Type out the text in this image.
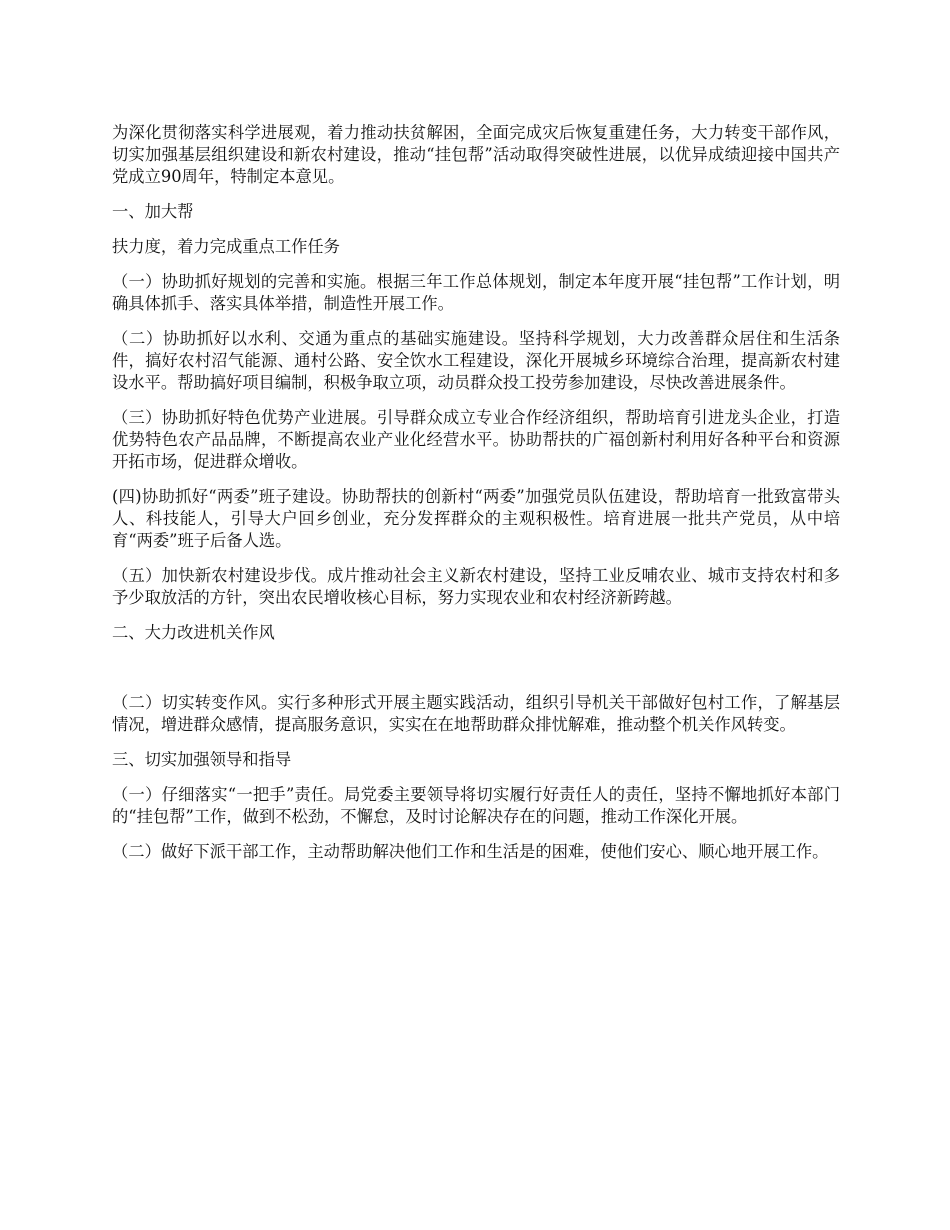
为深化贯彻落实科学进展观，着力推动扶贫解困，全面完成灾后恢复重建任务，大力转变干部作风，切实加强基层组织建设和新农村建设，推动“挂包帮”活动取得突破性进展，以优异成绩迎接中国共产党成立90周年，特制定本意见。

一、加大帮

扶力度，着力完成重点工作任务

（一）协助抓好规划的完善和实施。根据三年工作总体规划，制定本年度开展“挂包帮”工作计划，明确具体抓手、落实具体举措，制造性开展工作。

（二）协助抓好以水利、交通为重点的基础实施建设。坚持科学规划，大力改善群众居住和生活条件，搞好农村沼气能源、通村公路、安全饮水工程建设，深化开展城乡环境综合治理，提高新农村建设水平。帮助搞好项目编制，积极争取立项，动员群众投工投劳参加建设，尽快改善进展条件。

（三）协助抓好特色优势产业进展。引导群众成立专业合作经济组织，帮助培育引进龙头企业，打造优势特色农产品品牌，不断提高农业产业化经营水平。协助帮扶的广福创新村利用好各种平台和资源开拓市场，促进群众增收。

(四)协助抓好“两委”班子建设。协助帮扶的创新村“两委”加强党员队伍建设，帮助培育一批致富带头人、科技能人，引导大户回乡创业，充分发挥群众的主观积极性。培育进展一批共产党员，从中培育“两委”班子后备人选。

（五）加快新农村建设步伐。成片推动社会主义新农村建设，坚持工业反哺农业、城市支持农村和多予少取放活的方针，突出农民增收核心目标，努力实现农业和农村经济新跨越。

二、大力改进机关作风

（二）切实转变作风。实行多种形式开展主题实践活动，组织引导机关干部做好包村工作，了解基层情况，增进群众感情，提高服务意识，实实在在地帮助群众排忧解难，推动整个机关作风转变。

三、切实加强领导和指导

（一）仔细落实“一把手”责任。局党委主要领导将切实履行好责任人的责任，坚持不懈地抓好本部门的“挂包帮”工作，做到不松劲，不懈怠，及时讨论解决存在的问题，推动工作深化开展。

（二）做好下派干部工作，主动帮助解决他们工作和生活是的困难，使他们安心、顺心地开展工作。
